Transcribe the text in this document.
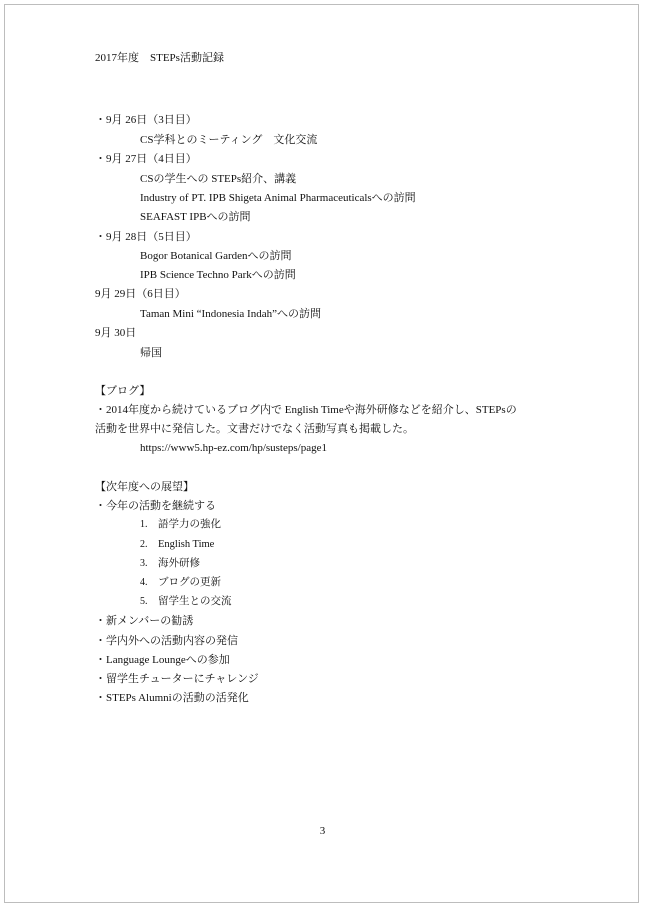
2017年度　STEPs活動記録
・9月 26日（3日目）
CS学科とのミーティング　文化交流
・9月 27日（4日目）
CSの学生への STEPs紹介、講義
Industry of PT. IPB Shigeta Animal Pharmaceuticalsへの訪問
SEAFAST IPBへの訪問
・9月 28日（5日目）
Bogor Botanical Gardenへの訪問
IPB Science Techno Parkへの訪問
9月 29日（6日目）
Taman Mini “Indonesia Indah”への訪問
9月 30日
帰国
【ブログ】
・2014年度から続けているブログ内で English Timeや海外研修などを紹介し、STEPsの
活動を世界中に発信した。文書だけでなく活動写真も掲載した。
https://www5.hp-ez.com/hp/susteps/page1
【次年度への展望】
・今年の活動を継続する
1. 語学力の強化
2. English Time
3. 海外研修
4. ブログの更新
5. 留学生との交流
・新メンバーの勧誘
・学内外への活動内容の発信
・Language Loungeへの参加
・留学生チューターにチャレンジ
・STEPs Alumniの活動の活発化
3
